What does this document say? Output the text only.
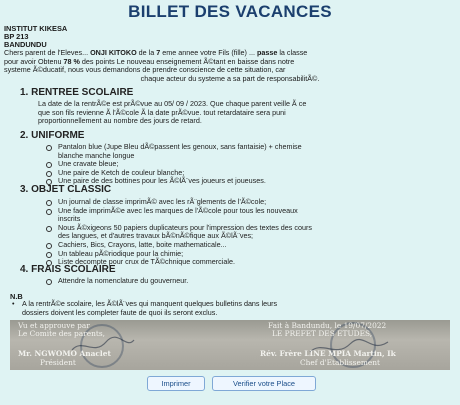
BILLET DES VACANCES
INSTITUT KIKESA
BP 213
BANDUNDU
Chers parent de l'Eleves... ONJI KITOKO de la 7 eme annee votre Fils (fille) ... passe la classe
pour avoir Obtenu 78 % des points Le nouveau enseignement Ã©tant en baisse dans notre
systeme Ã©ducatif, nous vous demandons de prendre conscience de cette situation, car
chaque acteur du systeme a sa part de responsabilitÃ©.
1. RENTREE SCOLAIRE
La date de la rentrÃ©e est prÃ©vue au 05/ 09 / 2023. Que chaque parent veille Ã ce
que son fils revienne Ã l'Ã©cole Ã la date prÃ©vue. tout retardataire sera puni
proportionnellement au nombre des jours de retard.
2. UNIFORME
Pantalon blue (Jupe Bleu dÃ©passent les genoux, sans fantaisie) + chemise
blanche manche longue
Une cravate bleue;
Une paire de Ketch de couleur blanche;
Une paire de des bottines pour les Ã©lÃ¨ves joueurs et joueuses.
3. OBJET CLASSIC
Un journal de classe imprimÃ© avec les rÃ¨glements de l'Ã©cole;
Une fade imprimÃ©e avec les marques de l'Ã©cole pour tous les nouveaux
inscrits
Nous Ã©xigeons 50 papiers duplicateurs pour l'impression des textes des cours
des langues, et d'autres travaux bÃ©nÃ©fique aux Ã©lÃ¨ves;
Cachiers, Bics, Crayons, latte, boite mathematicale...
Un tableau pÃ©riodique pour la chimie;
Liste decompte pour crux de TÃ©chnique commerciale.
4. FRAIS SCOLAIRE
Attendre la nomenclature du gouverneur.
N.B
• A la rentrÃ©e scolaire, les Ã©lÃ¨ves qui manquent quelques bulletins dans leurs
dossiers doivent les completer faute de quoi ils seront exclus.
Vu et approuve par
Le Comite des parents,
Mr. NGWOMO Anaclet
Président
Fait à Bandundu, le 19/07/2022
LE PREFET DES ETUDES,
Rév. Frère LINE MPIA Martin, Ik
Chef d'Etablissement
Imprimer	Verifier votre Place
